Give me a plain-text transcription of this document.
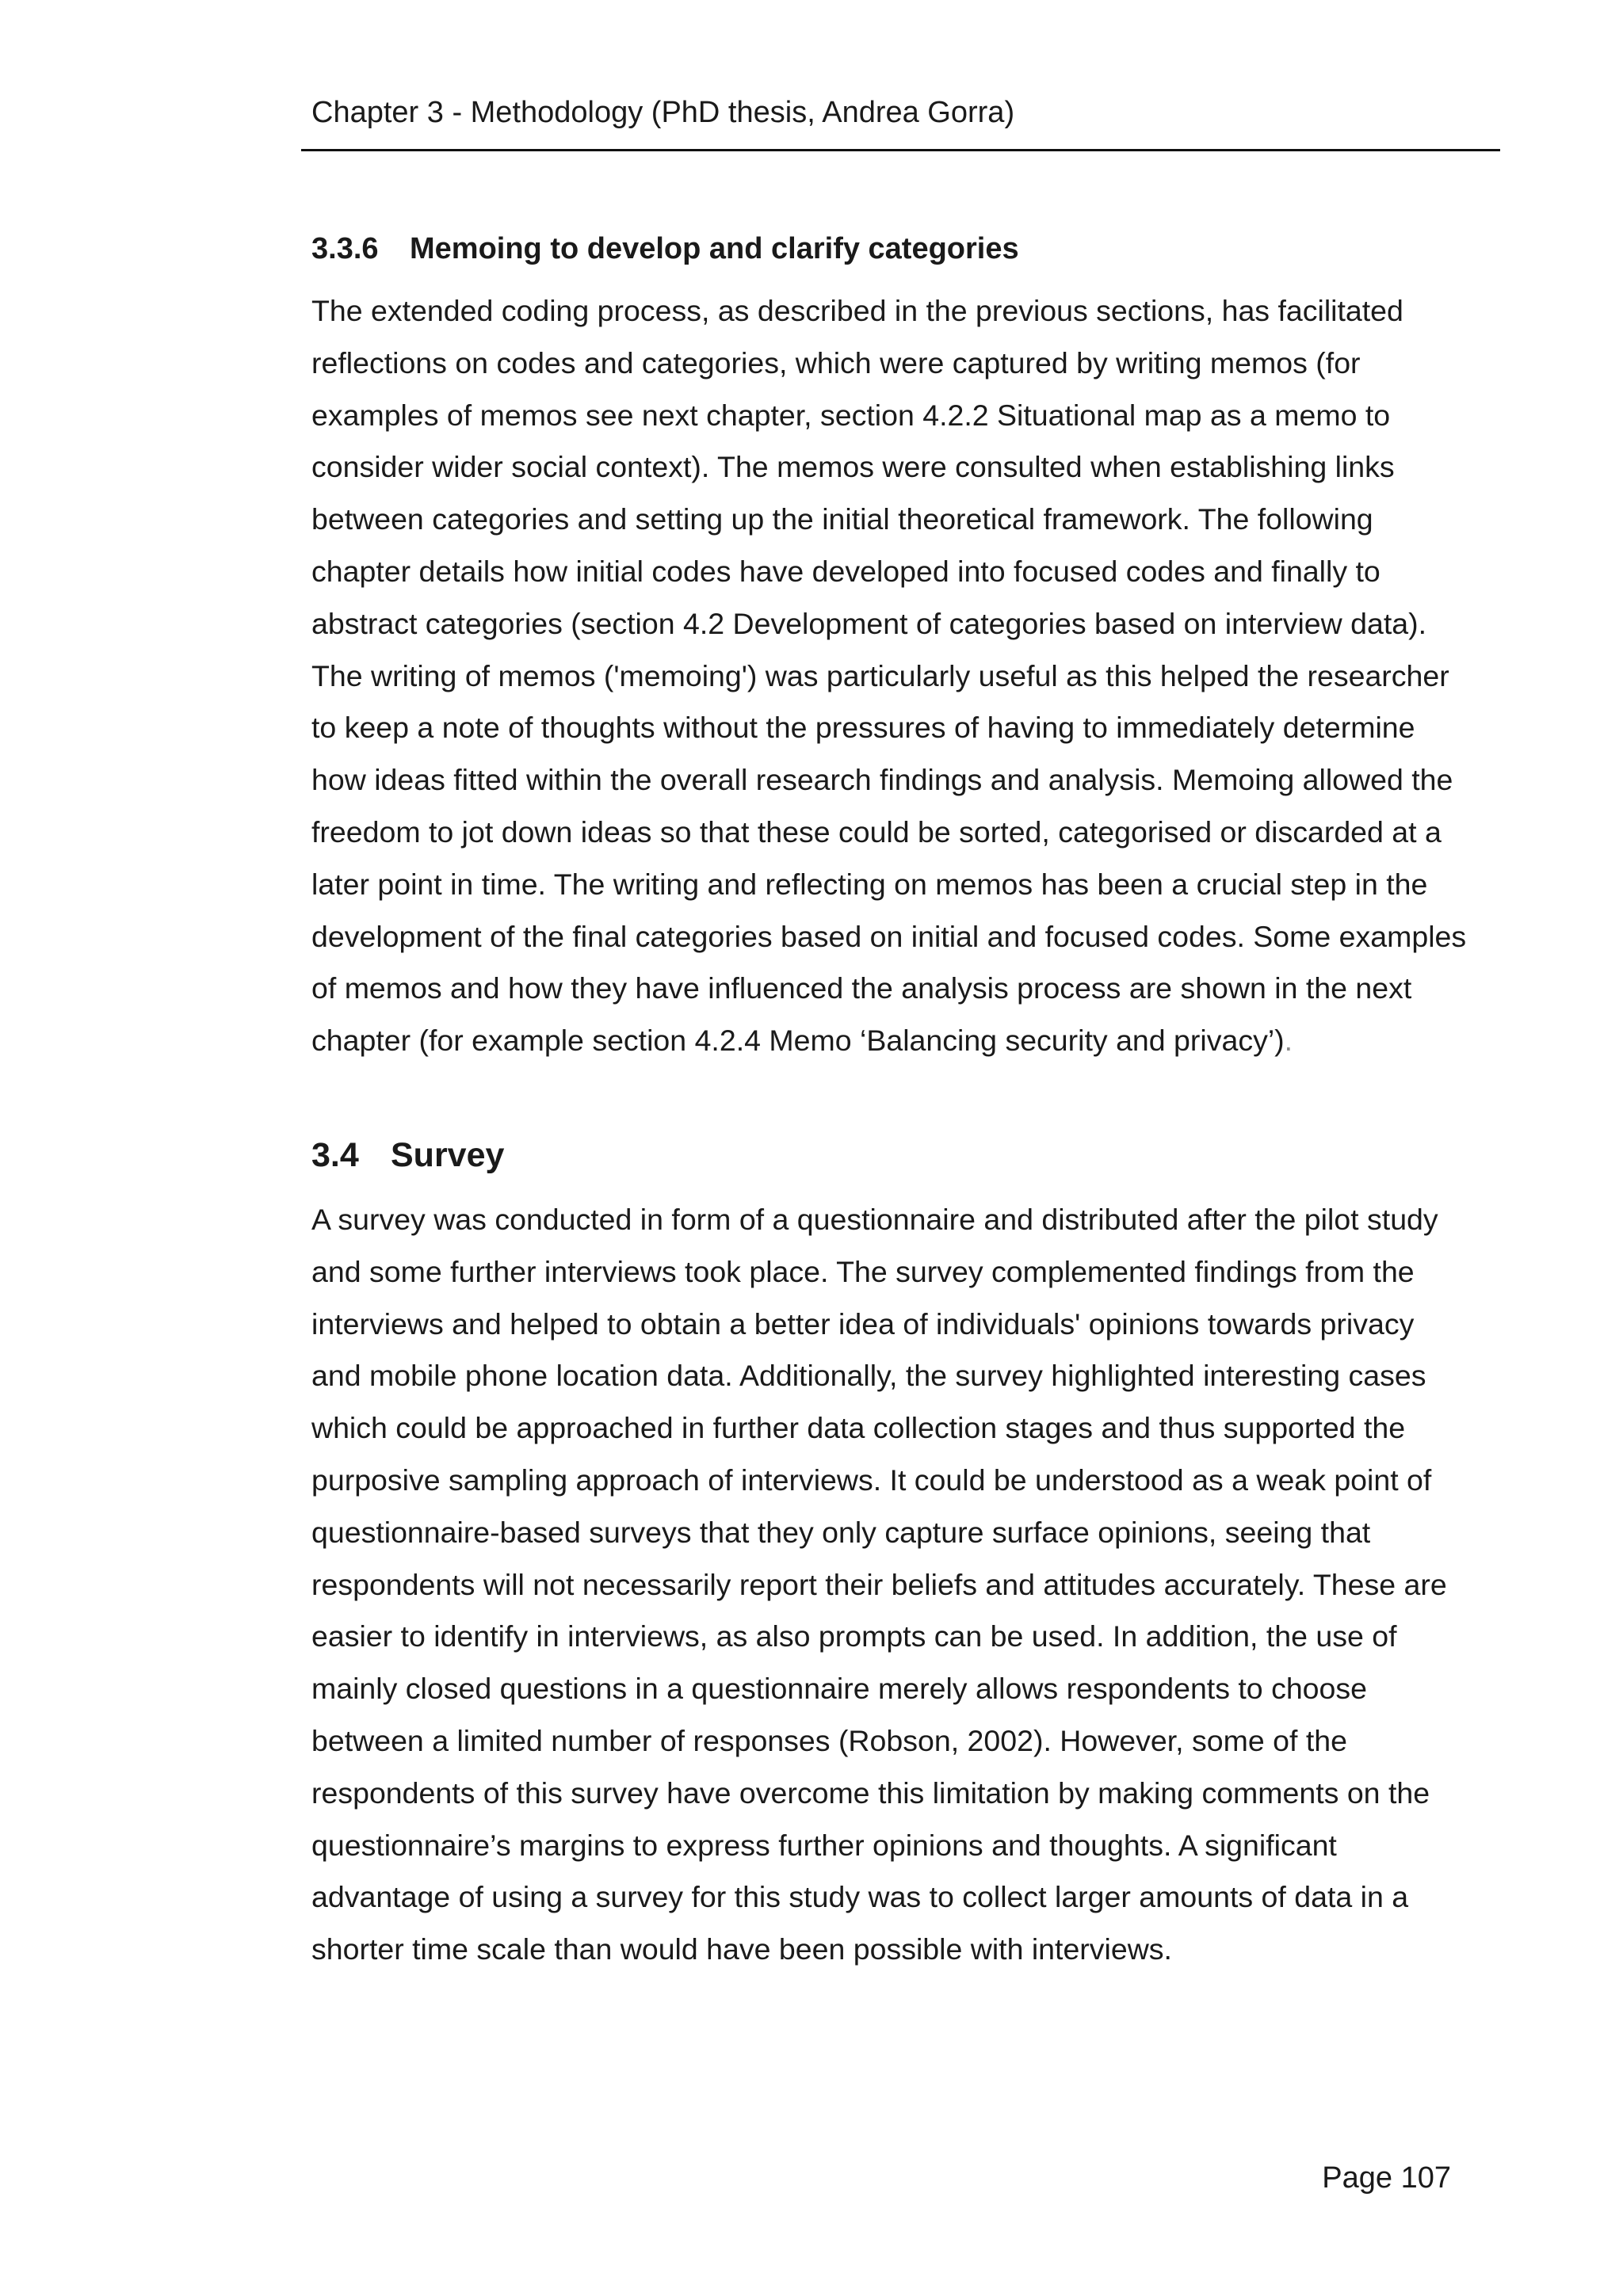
Chapter 3 - Methodology (PhD thesis, Andrea Gorra)
3.3.6 Memoing to develop and clarify categories

The extended coding process, as described in the previous sections, has facilitated reflections on codes and categories, which were captured by writing memos (for examples of memos see next chapter, section 4.2.2 Situational map as a memo to consider wider social context). The memos were consulted when establishing links between categories and setting up the initial theoretical framework. The following chapter details how initial codes have developed into focused codes and finally to abstract categories (section 4.2 Development of categories based on interview data). The writing of memos ('memoing') was particularly useful as this helped the researcher to keep a note of thoughts without the pressures of having to immediately determine how ideas fitted within the overall research findings and analysis. Memoing allowed the freedom to jot down ideas so that these could be sorted, categorised or discarded at a later point in time. The writing and reflecting on memos has been a crucial step in the development of the final categories based on initial and focused codes. Some examples of memos and how they have influenced the analysis process are shown in the next chapter (for example section 4.2.4 Memo ‘Balancing security and privacy’).

3.4 Survey

A survey was conducted in form of a questionnaire and distributed after the pilot study and some further interviews took place. The survey complemented findings from the interviews and helped to obtain a better idea of individuals' opinions towards privacy and mobile phone location data. Additionally, the survey highlighted interesting cases which could be approached in further data collection stages and thus supported the purposive sampling approach of interviews. It could be understood as a weak point of questionnaire-based surveys that they only capture surface opinions, seeing that respondents will not necessarily report their beliefs and attitudes accurately. These are easier to identify in interviews, as also prompts can be used. In addition, the use of mainly closed questions in a questionnaire merely allows respondents to choose between a limited number of responses (Robson, 2002). However, some of the respondents of this survey have overcome this limitation by making comments on the questionnaire’s margins to express further opinions and thoughts. A significant advantage of using a survey for this study was to collect larger amounts of data in a shorter time scale than would have been possible with interviews.

Page 107
